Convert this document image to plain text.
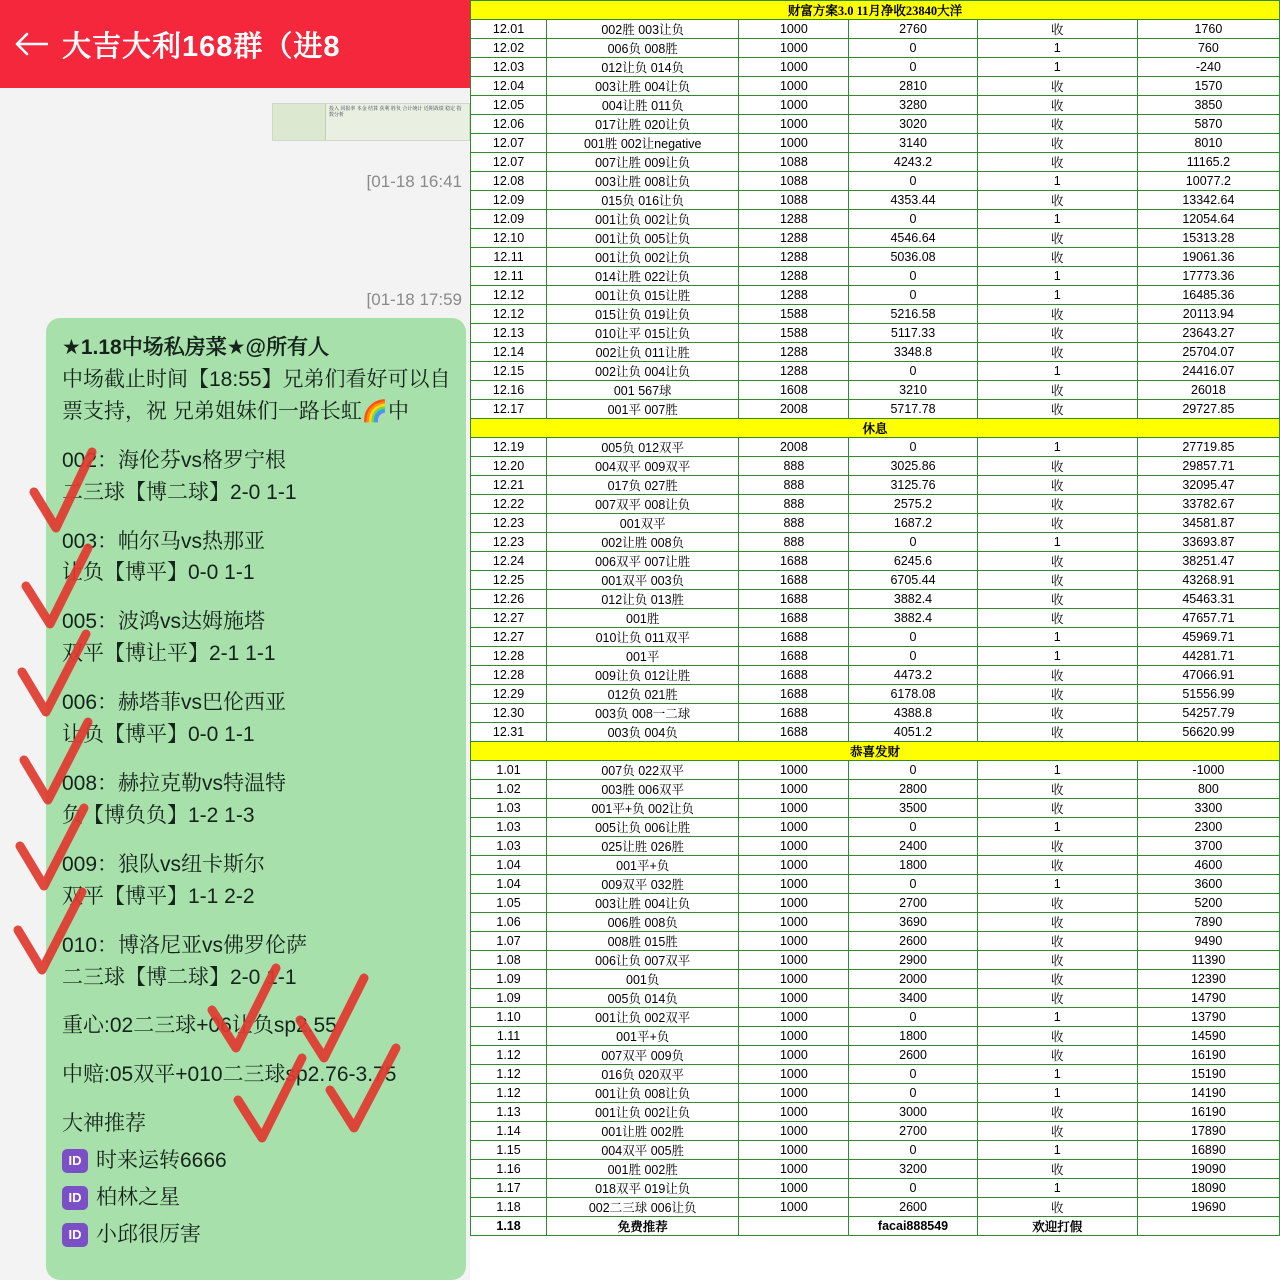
大吉大利168群（进8
[01-18 16:41
[01-18 17:59
投入 回报率 本金 结算 获利 胜负 合计统计 近期战绩 稳定 指数分析
★1.18中场私房菜★@所有人
中场截止时间【18:55】兄弟们看好可以自
票支持，祝 兄弟姐妹们一路长虹🌈中
002：海伦芬vs格罗宁根
二三球【博二球】2-0 1-1
003：帕尔马vs热那亚
让负【博平】0-0 1-1
005：波鸿vs达姆施塔
双平【博让平】2-1 1-1
006：赫塔菲vs巴伦西亚
让负【博平】0-0 1-1
008：赫拉克勒vs特温特
负【博负负】1-2 1-3
009：狼队vs纽卡斯尔
双平【博平】1-1 2-2
010：博洛尼亚vs佛罗伦萨
二三球【博二球】2-0 1-1
重心:02二三球+06让负sp2.55
中赔:05双平+010二三球sp2.76-3.75
大神推荐
ID 时来运转6666
ID 柏林之星
ID 小邱很厉害
财富方案3.0 11月净收23840大洋					
12.01	002胜 003让负	1000	2760	收	1760
12.02	006负 008胜	1000	0	1	760
12.03	012让负 014负	1000	0	1	-240
12.04	003让胜 004让负	1000	2810	收	1570
12.05	004让胜 011负	1000	3280	收	3850
12.06	017让胜 020让负	1000	3020	收	5870
12.07	001胜 002让negative	1000	3140	收	8010
12.07	007让胜 009让负	1088	4243.2	收	11165.2
12.08	003让胜 008让负	1088	0	1	10077.2
12.09	015负 016让负	1088	4353.44	收	13342.64
12.09	001让负 002让负	1288	0	1	12054.64
12.10	001让负 005让负	1288	4546.64	收	15313.28
12.11	001让负 002让负	1288	5036.08	收	19061.36
12.11	014让胜 022让负	1288	0	1	17773.36
12.12	001让负 015让胜	1288	0	1	16485.36
12.12	015让负 019让负	1588	5216.58	收	20113.94
12.13	010让平 015让负	1588	5117.33	收	23643.27
12.14	002让负 011让胜	1288	3348.8	收	25704.07
12.15	002让负 004让负	1288	0	1	24416.07
12.16	001 567球	1608	3210	收	26018
12.17	001平 007胜	2008	5717.78	收	29727.85
休息					
12.19	005负 012双平	2008	0	1	27719.85
12.20	004双平 009双平	888	3025.86	收	29857.71
12.21	017负 027胜	888	3125.76	收	32095.47
12.22	007双平 008让负	888	2575.2	收	33782.67
12.23	001双平	888	1687.2	收	34581.87
12.23	002让胜 008负	888	0	1	33693.87
12.24	006双平 007让胜	1688	6245.6	收	38251.47
12.25	001双平 003负	1688	6705.44	收	43268.91
12.26	012让负 013胜	1688	3882.4	收	45463.31
12.27	001胜	1688	3882.4	收	47657.71
12.27	010让负 011双平	1688	0	1	45969.71
12.28	001平	1688	0	1	44281.71
12.28	009让负 012让胜	1688	4473.2	收	47066.91
12.29	012负 021胜	1688	6178.08	收	51556.99
12.30	003负 008一二球	1688	4388.8	收	54257.79
12.31	003负 004负	1688	4051.2	收	56620.99
恭喜发财					
1.01	007负 022双平	1000	0	1	-1000
1.02	003胜 006双平	1000	2800	收	800
1.03	001平+负 002让负	1000	3500	收	3300
1.03	005让负 006让胜	1000	0	1	2300
1.03	025让胜 026胜	1000	2400	收	3700
1.04	001平+负	1000	1800	收	4600
1.04	009双平 032胜	1000	0	1	3600
1.05	003让胜 004让负	1000	2700	收	5200
1.06	006胜 008负	1000	3690	收	7890
1.07	008胜 015胜	1000	2600	收	9490
1.08	006让负 007双平	1000	2900	收	11390
1.09	001负	1000	2000	收	12390
1.09	005负 014负	1000	3400	收	14790
1.10	001让负 002双平	1000	0	1	13790
1.11	001平+负	1000	1800	收	14590
1.12	007双平 009负	1000	2600	收	16190
1.12	016负 020双平	1000	0	1	15190
1.12	001让负 008让负	1000	0	1	14190
1.13	001让负 002让负	1000	3000	收	16190
1.14	001让胜 002胜	1000	2700	收	17890
1.15	004双平 005胜	1000	0	1	16890
1.16	001胜 002胜	1000	3200	收	19090
1.17	018双平 019让负	1000	0	1	18090
1.18	002二三球 006让负	1000	2600	收	19690
1.18	免费推荐		facai888549	欢迎打假	
